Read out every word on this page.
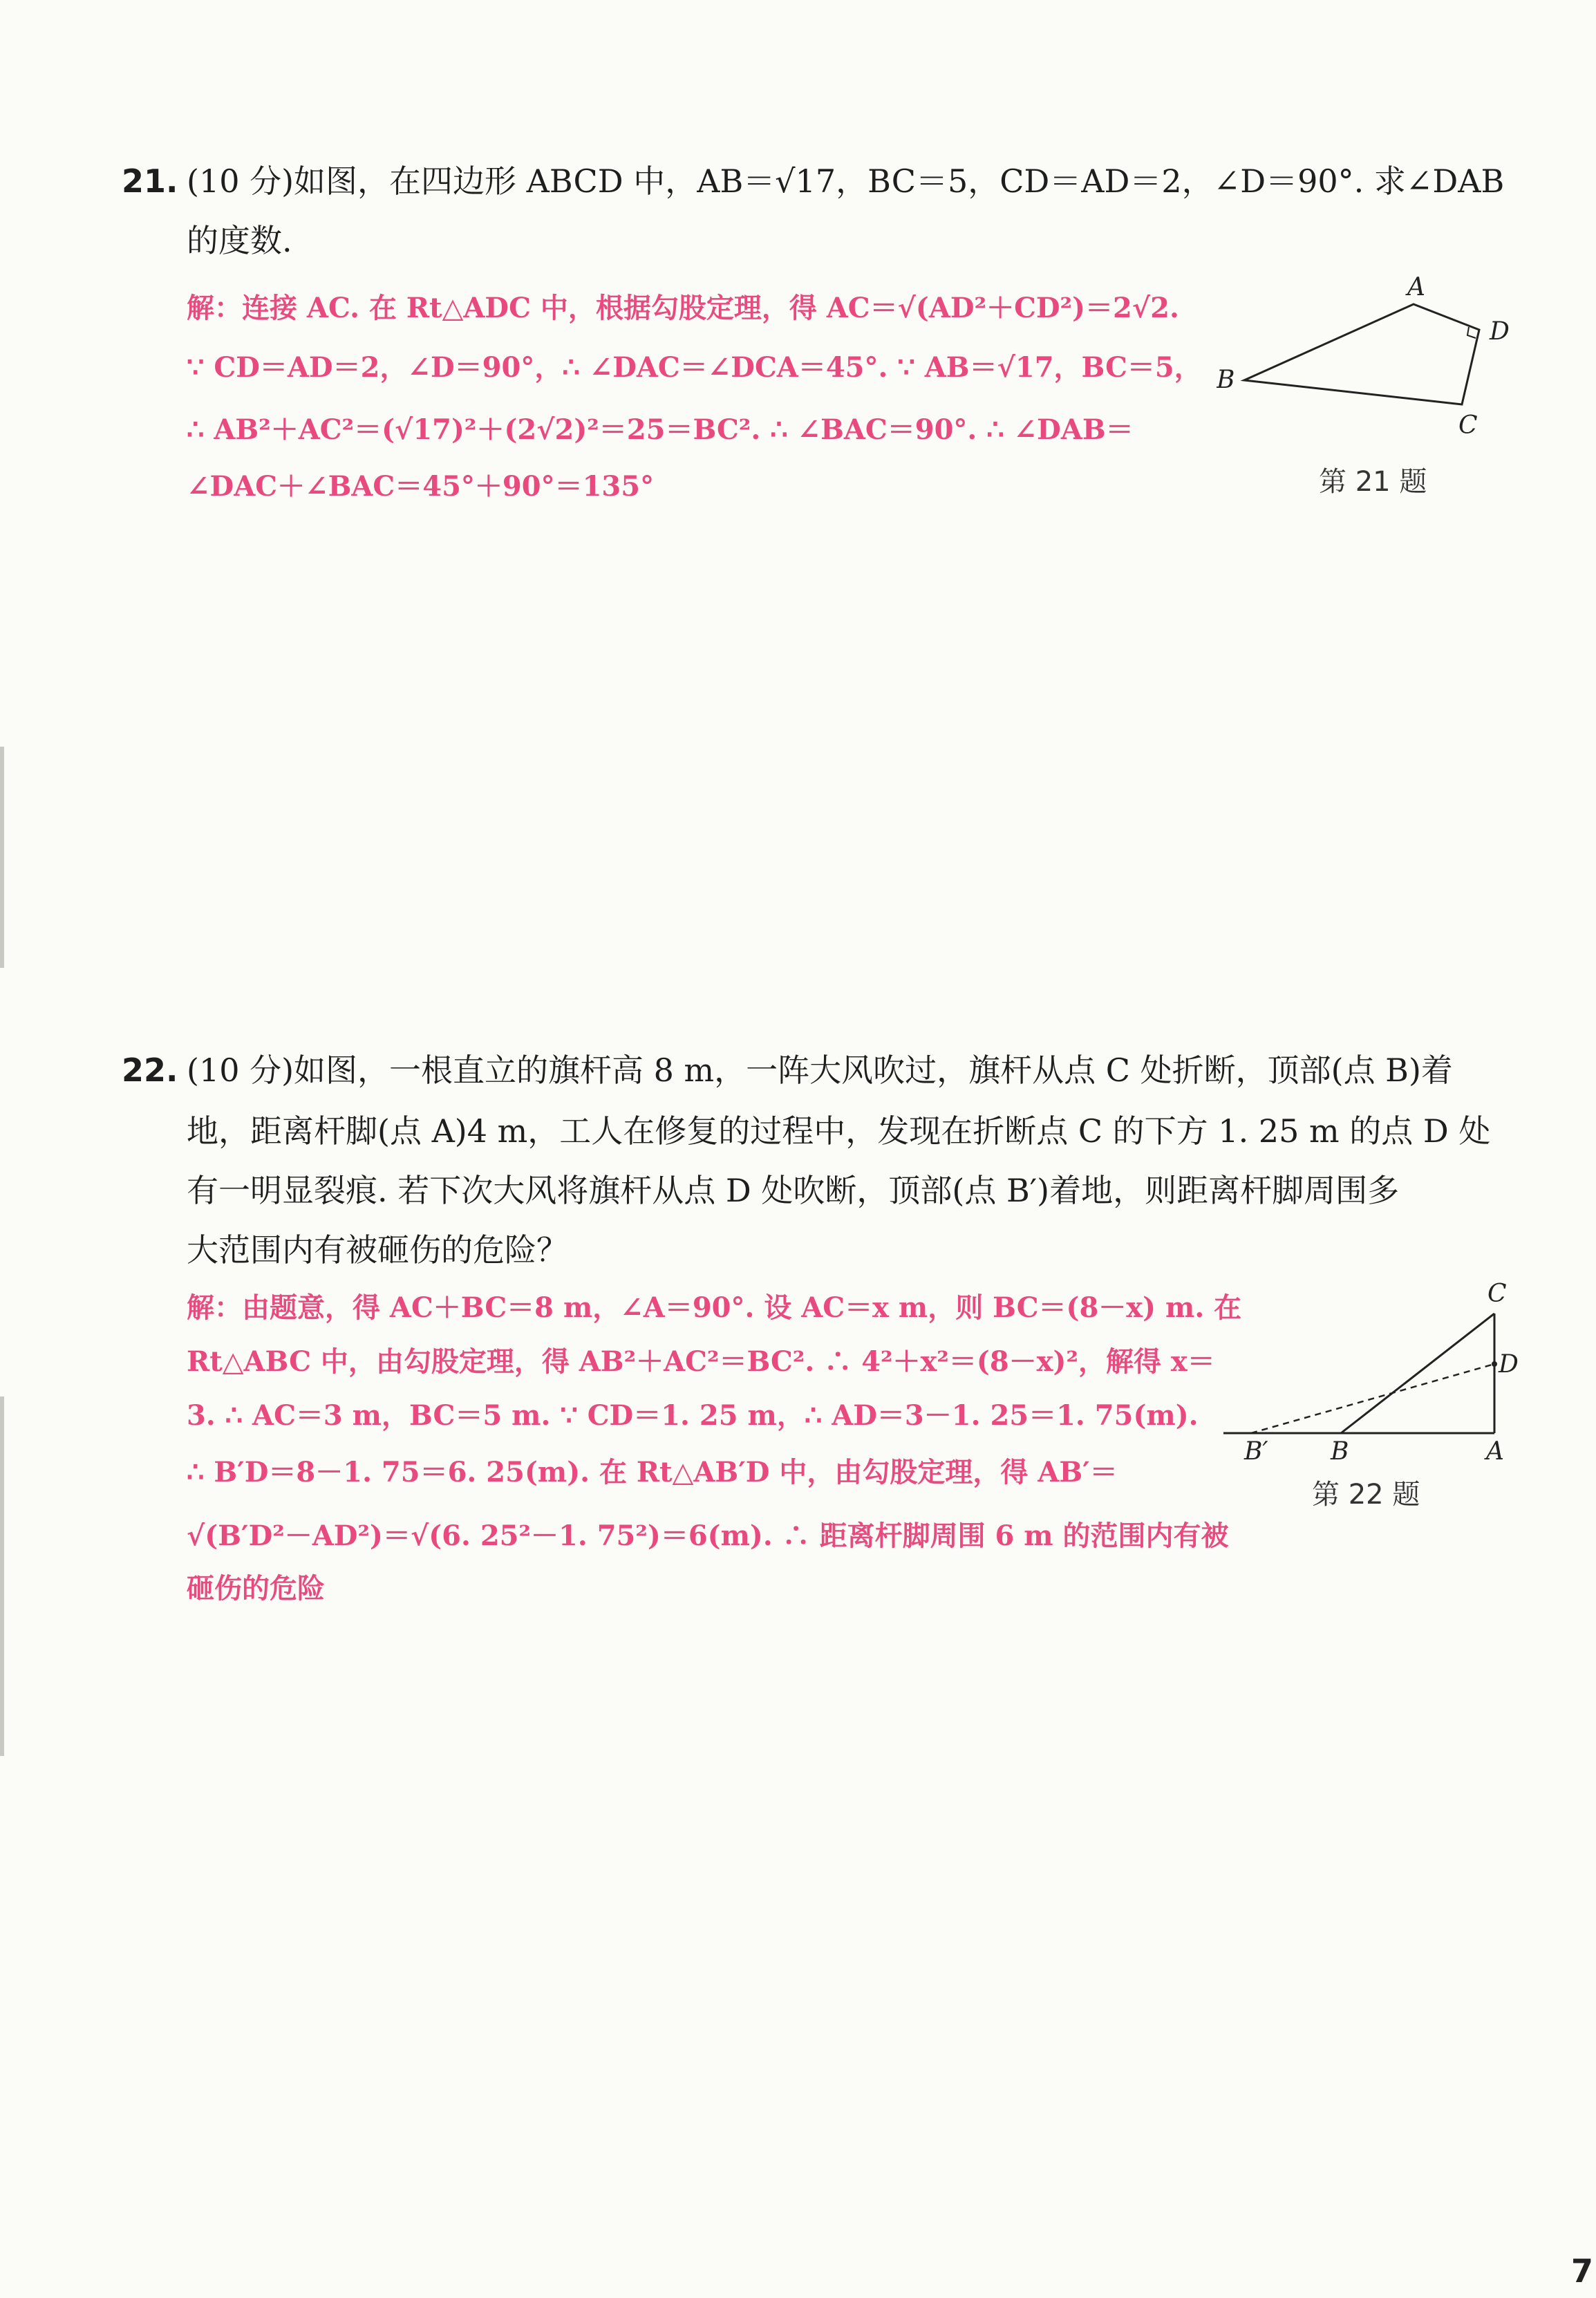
21. (10 分)如图，在四边形 ABCD 中，AB＝√17，BC＝5，CD＝AD＝2，∠D＝90°. 求∠DAB

的度数.

解：连接 AC. 在 Rt△ADC 中，根据勾股定理，得 AC＝√(AD²＋CD²)＝2√2.

∵ CD＝AD＝2，∠D＝90°，∴ ∠DAC＝∠DCA＝45°. ∵ AB＝√17，BC＝5，

∴ AB²＋AC²＝(√17)²＋(2√2)²＝25＝BC². ∴ ∠BAC＝90°. ∴ ∠DAB＝

∠DAC＋∠BAC＝45°＋90°＝135°

A
B
C
D
第 21 题
22. (10 分)如图，一根直立的旗杆高 8 m，一阵大风吹过，旗杆从点 C 处折断，顶部(点 B)着

地，距离杆脚(点 A)4 m，工人在修复的过程中，发现在折断点 C 的下方 1. 25 m 的点 D 处

有一明显裂痕. 若下次大风将旗杆从点 D 处吹断，顶部(点 B′)着地，则距离杆脚周围多

大范围内有被砸伤的危险？

解：由题意，得 AC＋BC＝8 m，∠A＝90°. 设 AC＝x m，则 BC＝(8－x) m. 在

Rt△ABC 中，由勾股定理，得 AB²＋AC²＝BC². ∴ 4²＋x²＝(8－x)²，解得 x＝

3. ∴ AC＝3 m，BC＝5 m. ∵ CD＝1. 25 m，∴ AD＝3－1. 25＝1. 75(m).

∴ B′D＝8－1. 75＝6. 25(m). 在 Rt△AB′D 中，由勾股定理，得 AB′＝

√(B′D²－AD²)＝√(6. 25²－1. 75²)＝6(m). ∴ 距离杆脚周围 6 m 的范围内有被

砸伤的危险

C
D
B′	B	A
第 22 题
7
